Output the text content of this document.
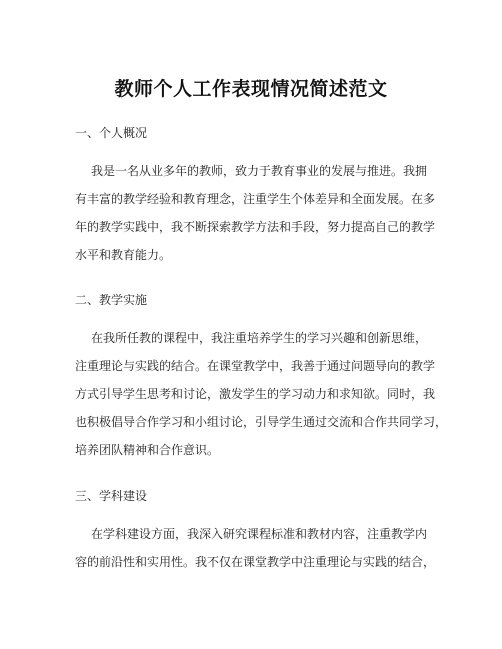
教师个人工作表现情况简述范文
一、个人概况
我是一名从业多年的教师，致力于教育事业的发展与推进。我拥
有丰富的教学经验和教育理念，注重学生个体差异和全面发展。在多
年的教学实践中，我不断探索教学方法和手段，努力提高自己的教学
水平和教育能力。
二、教学实施
在我所任教的课程中，我注重培养学生的学习兴趣和创新思维，
注重理论与实践的结合。在课堂教学中，我善于通过问题导向的教学
方式引导学生思考和讨论，激发学生的学习动力和求知欲。同时，我
也积极倡导合作学习和小组讨论，引导学生通过交流和合作共同学习，
培养团队精神和合作意识。
三、学科建设
在学科建设方面，我深入研究课程标准和教材内容，注重教学内
容的前沿性和实用性。我不仅在课堂教学中注重理论与实践的结合，
